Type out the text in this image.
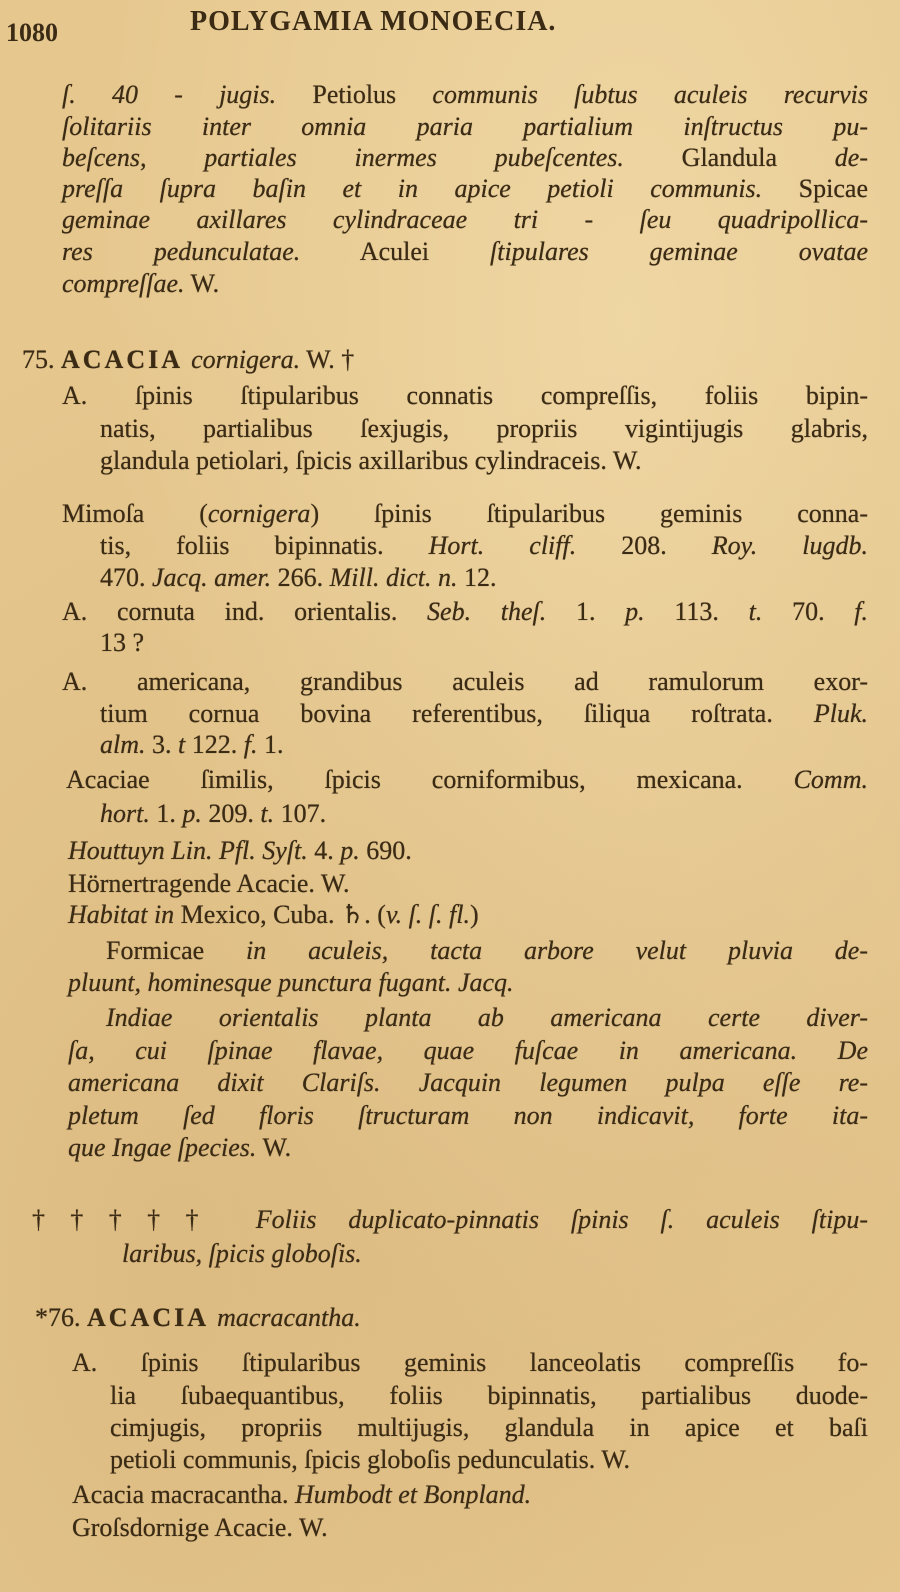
1080	POLYGAMIA MONOECIA.
ſ. 40 - jugis. Petiolus communis ſubtus aculeis recurvis
ſolitariis inter omnia paria partialium inſtructus pu-
beſcens, partiales inermes pubeſcentes. Glandula de-
preſſa ſupra baſin et in apice petioli communis. Spicae
geminae axillares cylindraceae tri - ſeu quadripollica-
res pedunculatae. Aculei ſtipulares geminae ovatae
compreſſae. W.
75. ACACIA cornigera. W. †
A. ſpinis ſtipularibus connatis compreſſis, foliis bipin-
natis, partialibus ſexjugis, propriis vigintijugis glabris,
glandula petiolari, ſpicis axillaribus cylindraceis. W.
Mimoſa (cornigera) ſpinis ſtipularibus geminis conna-
tis, foliis bipinnatis. Hort. cliff. 208. Roy. lugdb.
470. Jacq. amer. 266. Mill. dict. n. 12.
A. cornuta ind. orientalis. Seb. theſ. 1. p. 113. t. 70. f.
13 ?
A. americana, grandibus aculeis ad ramulorum exor-
tium cornua bovina referentibus, ſiliqua roſtrata. Pluk.
alm. 3. t 122. f. 1.
Acaciae ſimilis, ſpicis corniformibus, mexicana. Comm.
hort. 1. p. 209. t. 107.
Houttuyn Lin. Pfl. Syſt. 4. p. 690.
Hörnertragende Acacie. W.
Habitat in Mexico, Cuba. ♄. (v. ſ. ſ. fl.)
Formicae in aculeis, tacta arbore velut pluvia de-
pluunt, hominesque punctura fugant. Jacq.
Indiae orientalis planta ab americana certe diver-
ſa, cui ſpinae flavae, quae fuſcae in americana. De
americana dixit Clariſs. Jacquin legumen pulpa eſſe re-
pletum ſed floris ſtructuram non indicavit, forte ita-
que Ingae ſpecies. W.
††††† Foliis duplicato-pinnatis ſpinis ſ. aculeis ſtipu-
laribus, ſpicis globoſis.
*76. ACACIA macracantha.
A. ſpinis ſtipularibus geminis lanceolatis compreſſis fo-
lia ſubaequantibus, foliis bipinnatis, partialibus duode-
cimjugis, propriis multijugis, glandula in apice et baſi
petioli communis, ſpicis globoſis pedunculatis. W.
Acacia macracantha. Humbodt et Bonpland.
Groſsdornige Acacie. W.
